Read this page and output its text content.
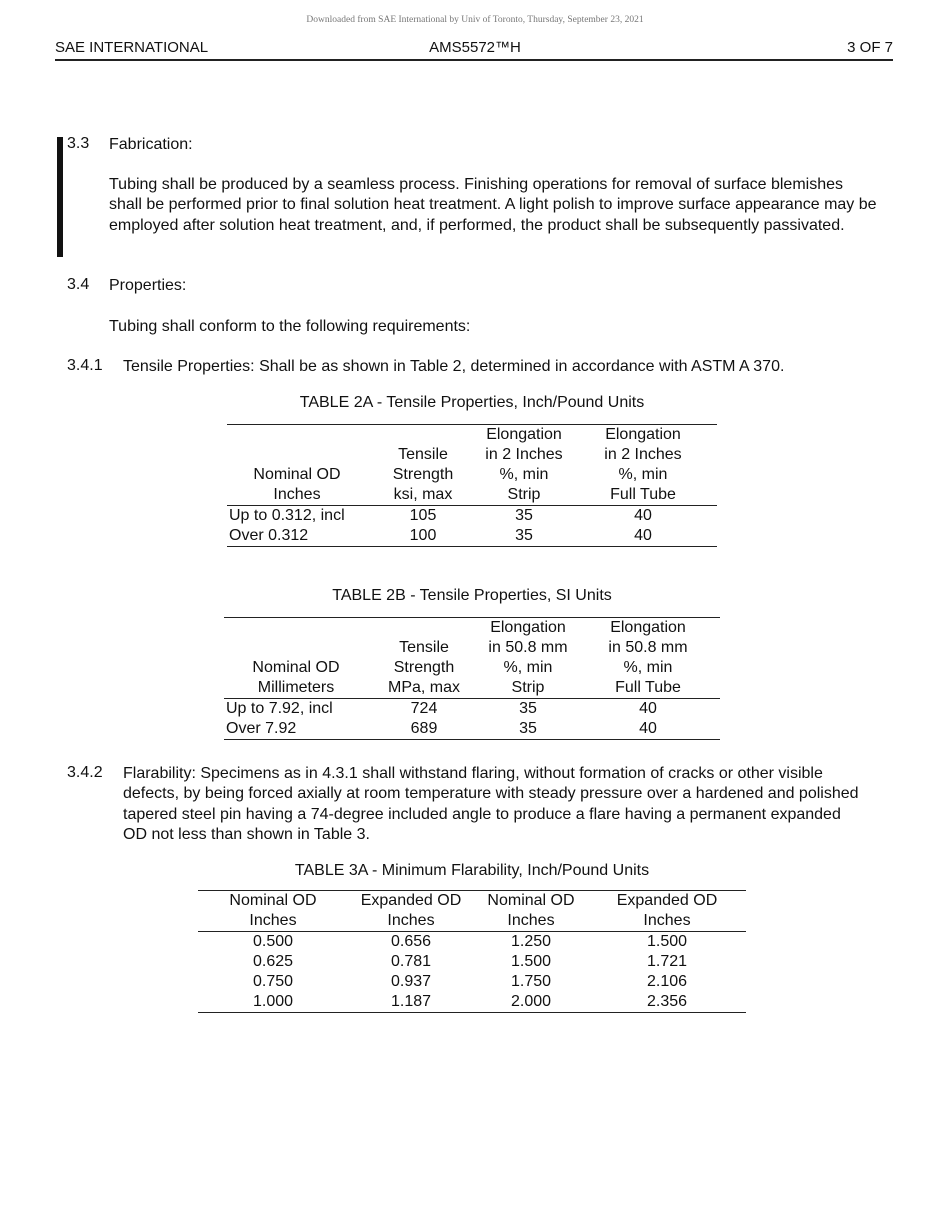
Downloaded from SAE International by Univ of Toronto, Thursday, September 23, 2021
SAE INTERNATIONAL	AMS5572™H	3 OF 7
3.3 Fabrication:
Tubing shall be produced by a seamless process. Finishing operations for removal of surface blemishes shall be performed prior to final solution heat treatment. A light polish to improve surface appearance may be employed after solution heat treatment, and, if performed, the product shall be subsequently passivated.
3.4 Properties:
Tubing shall conform to the following requirements:
3.4.1 Tensile Properties: Shall be as shown in Table 2, determined in accordance with ASTM A 370.
TABLE 2A - Tensile Properties, Inch/Pound Units
		Elongation	Elongation
	Tensile	in 2 Inches	in 2 Inches
Nominal OD	Strength	%, min	%, min
Inches	ksi, max	Strip	Full Tube
Up to 0.312, incl	105	35	40
Over 0.312	100	35	40
TABLE 2B - Tensile Properties, SI Units
		Elongation	Elongation
	Tensile	in 50.8 mm	in 50.8 mm
Nominal OD	Strength	%, min	%, min
Millimeters	MPa, max	Strip	Full Tube
Up to 7.92, incl	724	35	40
Over 7.92	689	35	40
3.4.2 Flarability: Specimens as in 4.3.1 shall withstand flaring, without formation of cracks or other visible defects, by being forced axially at room temperature with steady pressure over a hardened and polished tapered steel pin having a 74-degree included angle to produce a flare having a permanent expanded OD not less than shown in Table 3.
TABLE 3A - Minimum Flarability, Inch/Pound Units
Nominal OD	Expanded OD	Nominal OD	Expanded OD
Inches	Inches	Inches	Inches
0.500	0.656	1.250	1.500
0.625	0.781	1.500	1.721
0.750	0.937	1.750	2.106
1.000	1.187	2.000	2.356
